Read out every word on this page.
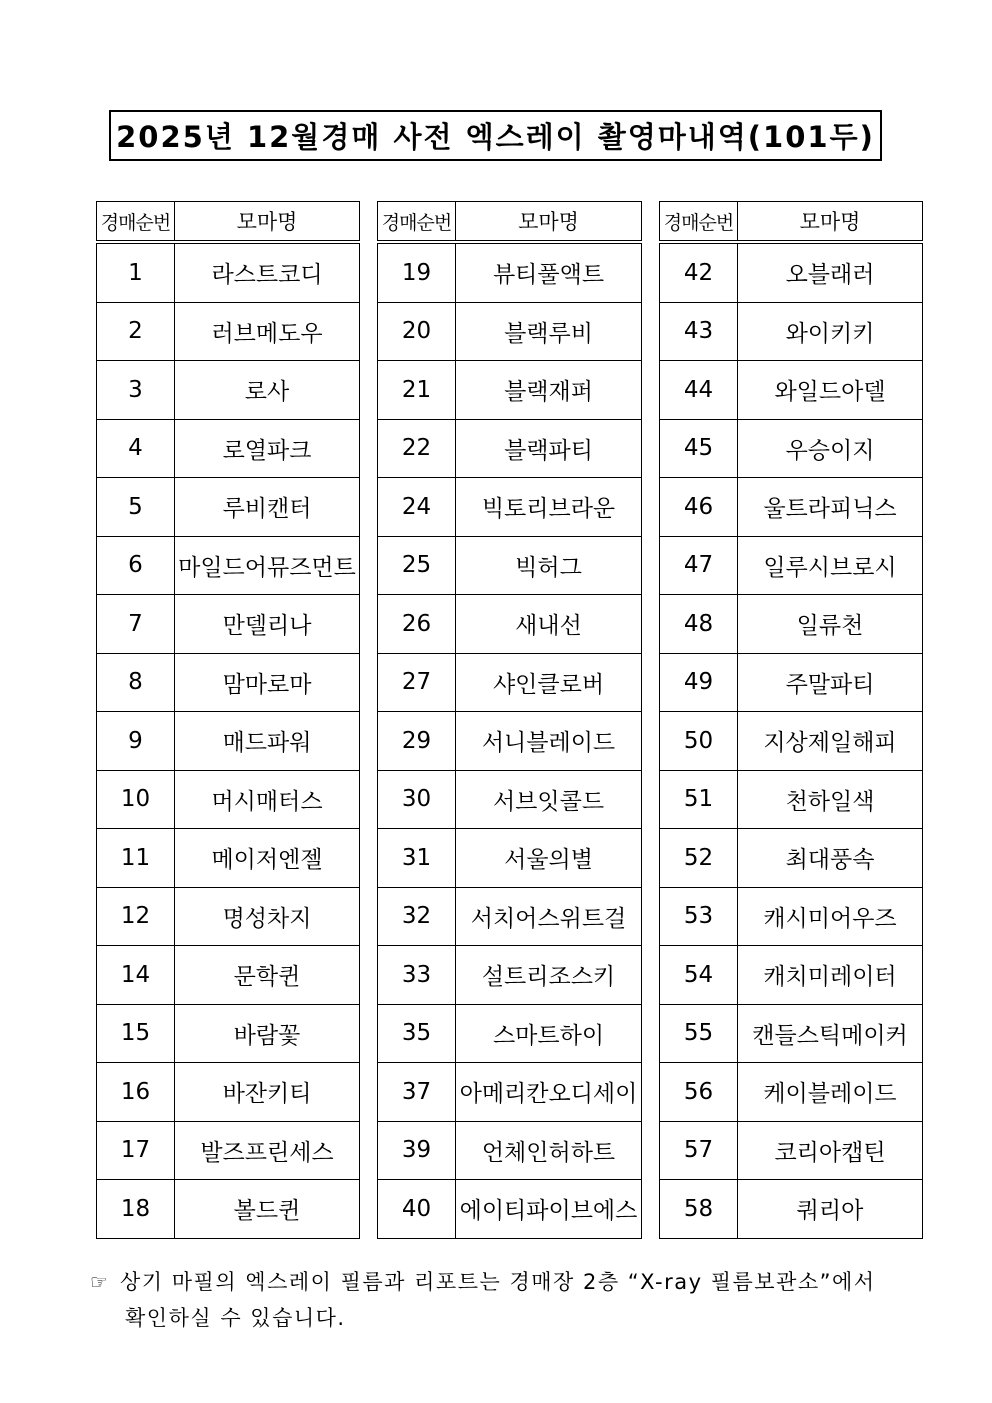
2025년 12월경매 사전 엑스레이 촬영마내역(101두)
경매순번	모마명
1	라스트코디
2	러브메도우
3	로사
4	로열파크
5	루비캔터
6	마일드어뮤즈먼트
7	만델리나
8	맘마로마
9	매드파워
10	머시매터스
11	메이저엔젤
12	명성차지
14	문학퀸
15	바람꽃
16	바잔키티
17	발즈프린세스
18	볼드퀸
경매순번	모마명
19	뷰티풀액트
20	블랙루비
21	블랙재퍼
22	블랙파티
24	빅토리브라운
25	빅허그
26	새내선
27	샤인클로버
29	서니블레이드
30	서브잇콜드
31	서울의별
32	서치어스위트걸
33	설트리조스키
35	스마트하이
37	아메리칸오디세이
39	언체인허하트
40	에이티파이브에스
경매순번	모마명
42	오블래러
43	와이키키
44	와일드아델
45	우승이지
46	울트라피닉스
47	일루시브로시
48	일류천
49	주말파티
50	지상제일해피
51	천하일색
52	최대풍속
53	캐시미어우즈
54	캐치미레이터
55	캔들스틱메이커
56	케이블레이드
57	코리아캡틴
58	쿼리아
☞ 상기 마필의 엑스레이 필름과 리포트는 경매장 2층 “X-ray 필름보관소”에서
확인하실 수 있습니다.
